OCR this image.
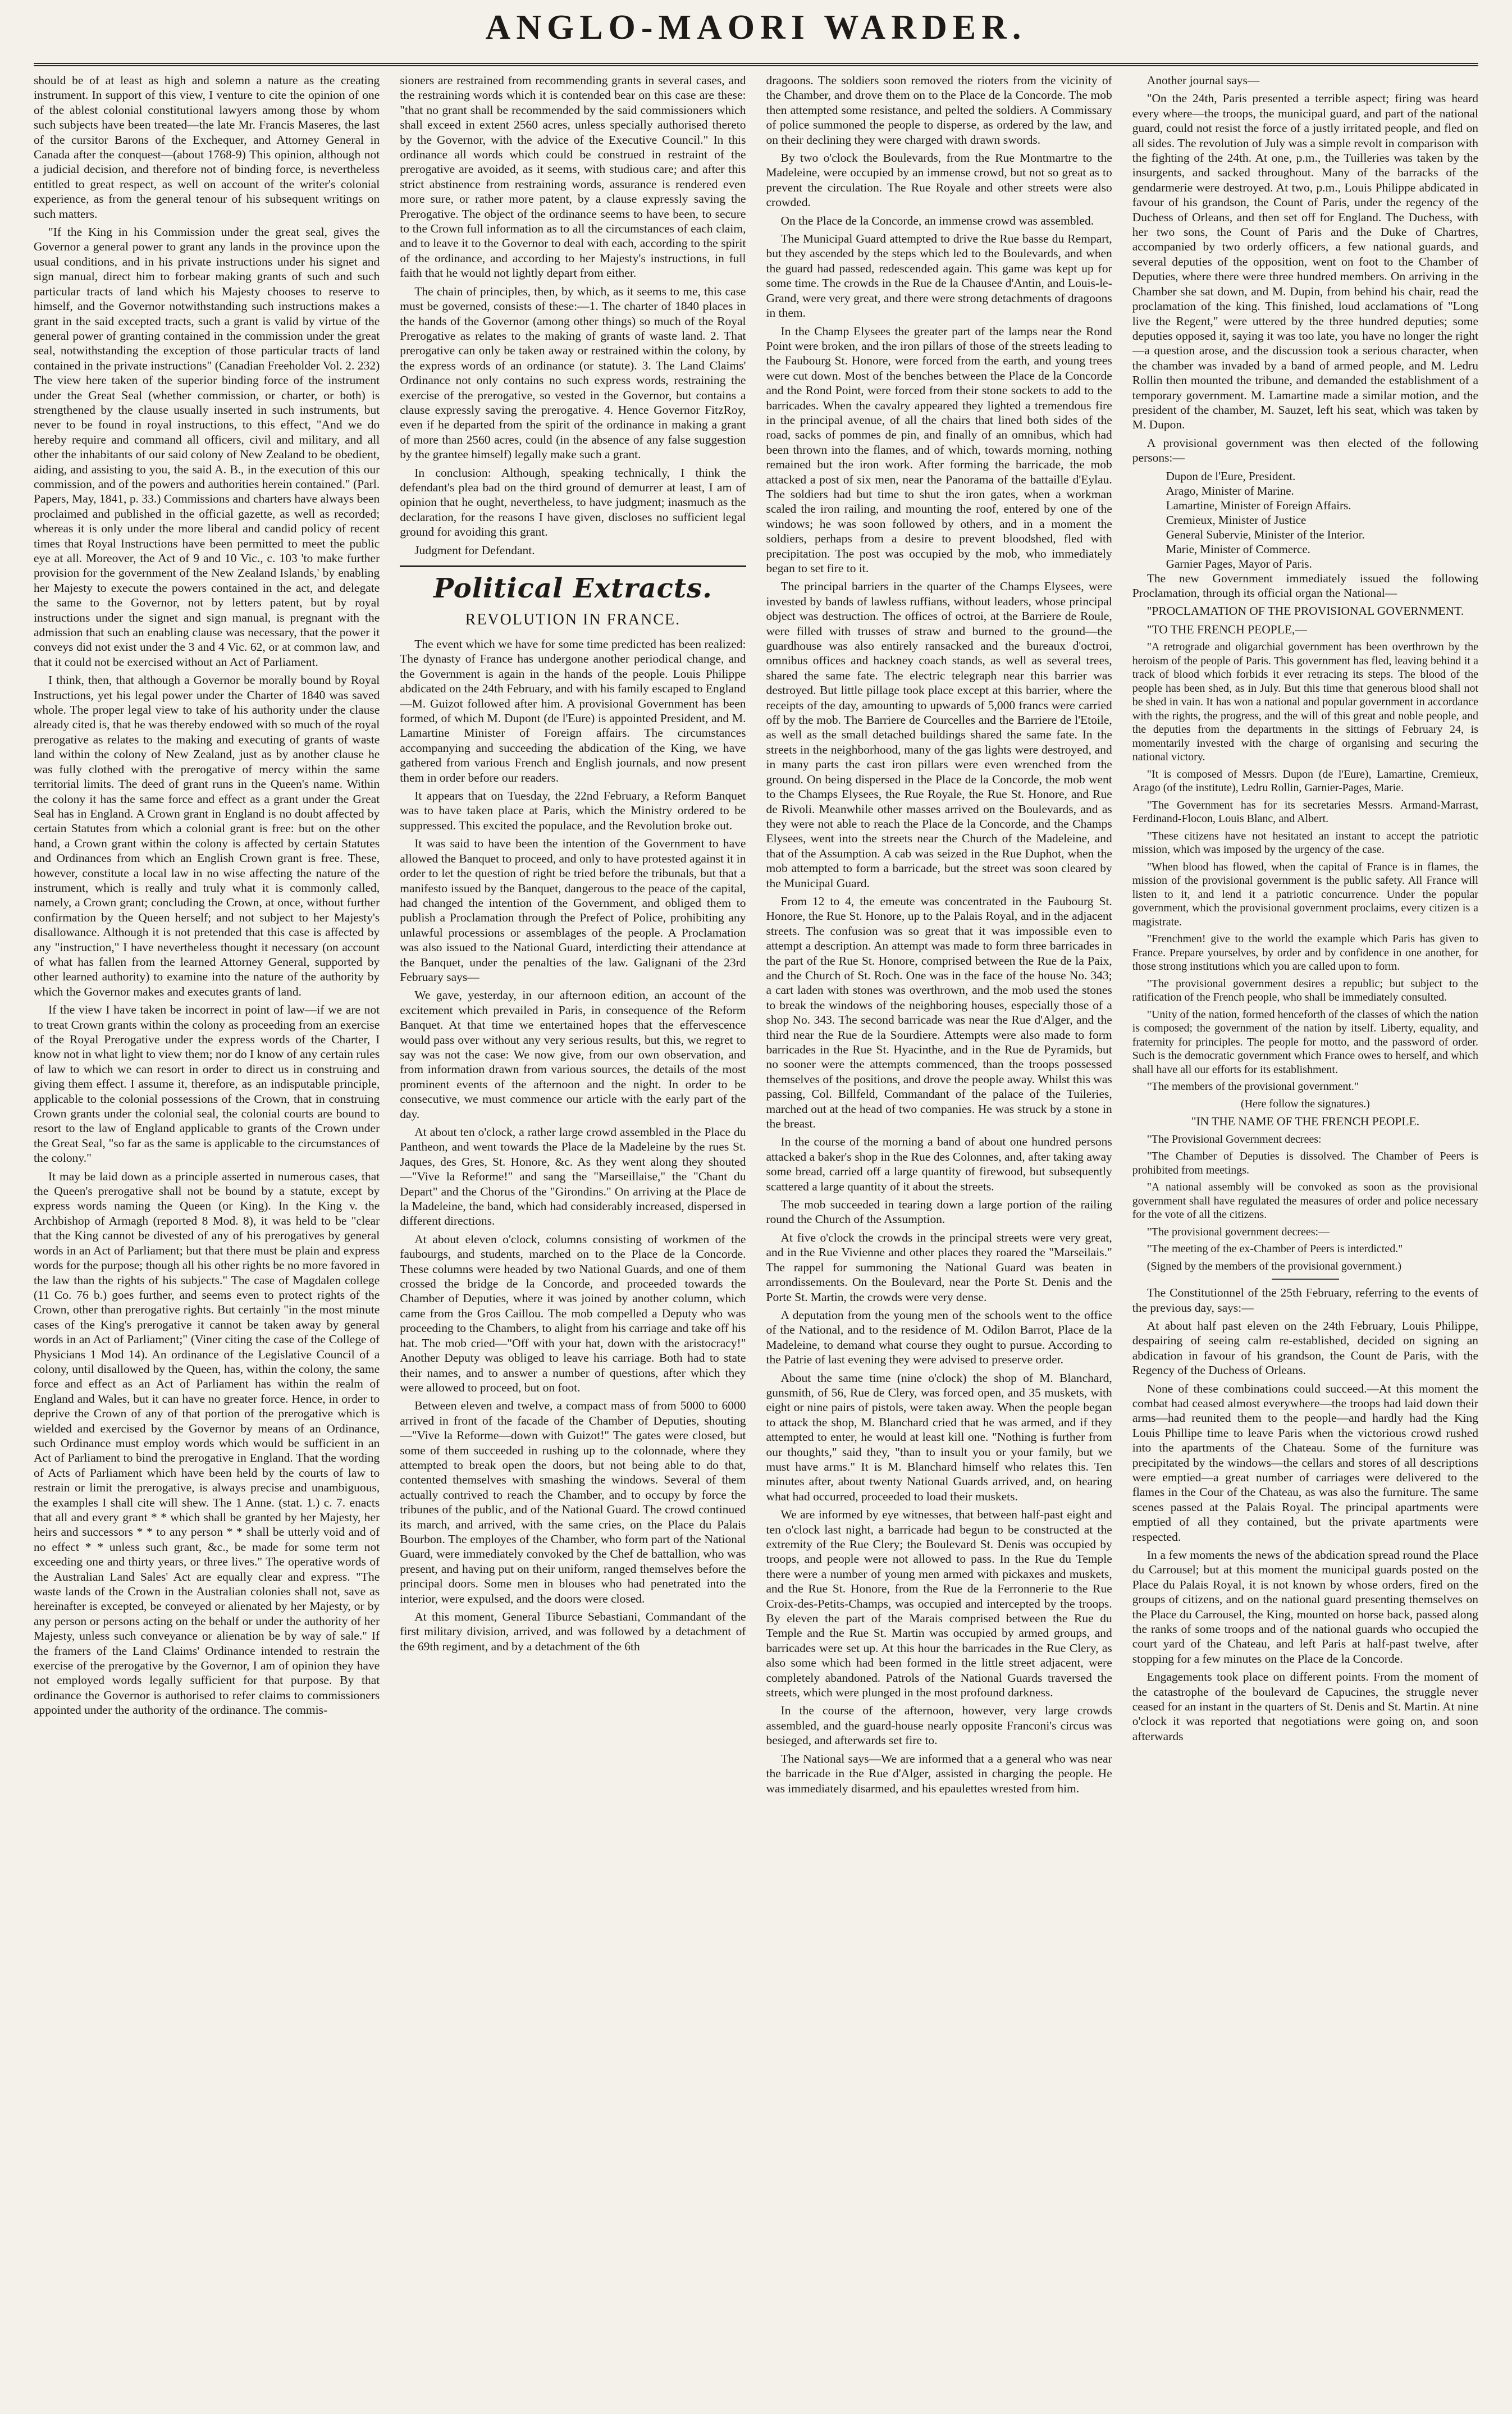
ANGLO-MAORI WARDER.

should be of at least as high and solemn a nature as the creating instrument. In support of this view, I venture to cite the opinion of one of the ablest colonial constitutional lawyers among those by whom such subjects have been treated—the late Mr. Francis Maseres, the last of the cursitor Barons of the Exchequer, and Attorney General in Canada after the conquest—(about 1768-9) This opinion, although not a judicial decision, and therefore not of binding force, is nevertheless entitled to great respect, as well on account of the writer's colonial experience, as from the general tenour of his subsequent writings on such matters.

"If the King in his Commission under the great seal, gives the Governor a general power to grant any lands in the province upon the usual conditions, and in his private instructions under his signet and sign manual, direct him to forbear making grants of such and such particular tracts of land which his Majesty chooses to reserve to himself, and the Governor notwithstanding such instructions makes a grant in the said excepted tracts, such a grant is valid by virtue of the general power of granting contained in the commission under the great seal, notwithstanding the exception of those particular tracts of land contained in the private instructions" (Canadian Freeholder Vol. 2. 232) The view here taken of the superior binding force of the instrument under the Great Seal (whether commission, or charter, or both) is strengthened by the clause usually inserted in such instruments, but never to be found in royal instructions, to this effect, "And we do hereby require and command all officers, civil and military, and all other the inhabitants of our said colony of New Zealand to be obedient, aiding, and assisting to you, the said A. B., in the execution of this our commission, and of the powers and authorities herein contained." (Parl. Papers, May, 1841, p. 33.) Commissions and charters have always been proclaimed and published in the official gazette, as well as recorded; whereas it is only under the more liberal and candid policy of recent times that Royal Instructions have been permitted to meet the public eye at all. Moreover, the Act of 9 and 10 Vic., c. 103 'to make further provision for the government of the New Zealand Islands,' by enabling her Majesty to execute the powers contained in the act, and delegate the same to the Governor, not by letters patent, but by royal instructions under the signet and sign manual, is pregnant with the admission that such an enabling clause was necessary, that the power it conveys did not exist under the 3 and 4 Vic. 62, or at common law, and that it could not be exercised without an Act of Parliament.

I think, then, that although a Governor be morally bound by Royal Instructions, yet his legal power under the Charter of 1840 was saved whole. The proper legal view to take of his authority under the clause already cited is, that he was thereby endowed with so much of the royal prerogative as relates to the making and executing of grants of waste land within the colony of New Zealand, just as by another clause he was fully clothed with the prerogative of mercy within the same territorial limits. The deed of grant runs in the Queen's name. Within the colony it has the same force and effect as a grant under the Great Seal has in England. A Crown grant in England is no doubt affected by certain Statutes from which a colonial grant is free: but on the other hand, a Crown grant within the colony is affected by certain Statutes and Ordinances from which an English Crown grant is free. These, however, constitute a local law in no wise affecting the nature of the instrument, which is really and truly what it is commonly called, namely, a Crown grant; concluding the Crown, at once, without further confirmation by the Queen herself; and not subject to her Majesty's disallowance. Although it is not pretended that this case is affected by any "instruction," I have nevertheless thought it necessary (on account of what has fallen from the learned Attorney General, supported by other learned authority) to examine into the nature of the authority by which the Governor makes and executes grants of land.

If the view I have taken be incorrect in point of law—if we are not to treat Crown grants within the colony as proceeding from an exercise of the Royal Prerogative under the express words of the Charter, I know not in what light to view them; nor do I know of any certain rules of law to which we can resort in order to direct us in construing and giving them effect. I assume it, therefore, as an indisputable principle, applicable to the colonial possessions of the Crown, that in construing Crown grants under the colonial seal, the colonial courts are bound to resort to the law of England applicable to grants of the Crown under the Great Seal, "so far as the same is applicable to the circumstances of the colony."

It may be laid down as a principle asserted in numerous cases, that the Queen's prerogative shall not be bound by a statute, except by express words naming the Queen (or King). In the King v. the Archbishop of Armagh (reported 8 Mod. 8), it was held to be "clear that the King cannot be divested of any of his prerogatives by general words in an Act of Parliament; but that there must be plain and express words for the purpose; though all his other rights be no more favored in the law than the rights of his subjects." The case of Magdalen college (11 Co. 76 b.) goes further, and seems even to protect rights of the Crown, other than prerogative rights. But certainly "in the most minute cases of the King's prerogative it cannot be taken away by general words in an Act of Parliament;" (Viner citing the case of the College of Physicians 1 Mod 14). An ordinance of the Legislative Council of a colony, until disallowed by the Queen, has, within the colony, the same force and effect as an Act of Parliament has within the realm of England and Wales, but it can have no greater force. Hence, in order to deprive the Crown of any of that portion of the prerogative which is wielded and exercised by the Governor by means of an Ordinance, such Ordinance must employ words which would be sufficient in an Act of Parliament to bind the prerogative in England. That the wording of Acts of Parliament which have been held by the courts of law to restrain or limit the prerogative, is always precise and unambiguous, the examples I shall cite will shew. The 1 Anne. (stat. 1.) c. 7. enacts that all and every grant * * which shall be granted by her Majesty, her heirs and successors * * to any person * * shall be utterly void and of no effect * * unless such grant, &c., be made for some term not exceeding one and thirty years, or three lives." The operative words of the Australian Land Sales' Act are equally clear and express. "The waste lands of the Crown in the Australian colonies shall not, save as hereinafter is excepted, be conveyed or alienated by her Majesty, or by any person or persons acting on the behalf or under the authority of her Majesty, unless such conveyance or alienation be by way of sale." If the framers of the Land Claims' Ordinance intended to restrain the exercise of the prerogative by the Governor, I am of opinion they have not employed words legally sufficient for that purpose. By that ordinance the Governor is authorised to refer claims to commissioners appointed under the authority of the ordinance. The commis-

sioners are restrained from recommending grants in several cases, and the restraining words which it is contended bear on this case are these: "that no grant shall be recommended by the said commissioners which shall exceed in extent 2560 acres, unless specially authorised thereto by the Governor, with the advice of the Executive Council." In this ordinance all words which could be construed in restraint of the prerogative are avoided, as it seems, with studious care; and after this strict abstinence from restraining words, assurance is rendered even more sure, or rather more patent, by a clause expressly saving the Prerogative. The object of the ordinance seems to have been, to secure to the Crown full information as to all the circumstances of each claim, and to leave it to the Governor to deal with each, according to the spirit of the ordinance, and according to her Majesty's instructions, in full faith that he would not lightly depart from either.

The chain of principles, then, by which, as it seems to me, this case must be governed, consists of these:—1. The charter of 1840 places in the hands of the Governor (among other things) so much of the Royal Prerogative as relates to the making of grants of waste land. 2. That prerogative can only be taken away or restrained within the colony, by the express words of an ordinance (or statute). 3. The Land Claims' Ordinance not only contains no such express words, restraining the exercise of the prerogative, so vested in the Governor, but contains a clause expressly saving the prerogative. 4. Hence Governor FitzRoy, even if he departed from the spirit of the ordinance in making a grant of more than 2560 acres, could (in the absence of any false suggestion by the grantee himself) legally make such a grant.

In conclusion: Although, speaking technically, I think the defendant's plea bad on the third ground of demurrer at least, I am of opinion that he ought, nevertheless, to have judgment; inasmuch as the declaration, for the reasons I have given, discloses no sufficient legal ground for avoiding this grant.

Judgment for Defendant.

Political Extracts.
REVOLUTION IN FRANCE.

The event which we have for some time predicted has been realized: The dynasty of France has undergone another periodical change, and the Government is again in the hands of the people. Louis Philippe abdicated on the 24th February, and with his family escaped to England—M. Guizot followed after him. A provisional Government has been formed, of which M. Dupont (de l'Eure) is appointed President, and M. Lamartine Minister of Foreign affairs. The circumstances accompanying and succeeding the abdication of the King, we have gathered from various French and English journals, and now present them in order before our readers.

It appears that on Tuesday, the 22nd February, a Reform Banquet was to have taken place at Paris, which the Ministry ordered to be suppressed. This excited the populace, and the Revolution broke out.

It was said to have been the intention of the Government to have allowed the Banquet to proceed, and only to have protested against it in order to let the question of right be tried before the tribunals, but that a manifesto issued by the Banquet, dangerous to the peace of the capital, had changed the intention of the Government, and obliged them to publish a Proclamation through the Prefect of Police, prohibiting any unlawful processions or assemblages of the people. A Proclamation was also issued to the National Guard, interdicting their attendance at the Banquet, under the penalties of the law. Galignani of the 23rd February says—

We gave, yesterday, in our afternoon edition, an account of the excitement which prevailed in Paris, in consequence of the Reform Banquet. At that time we entertained hopes that the effervescence would pass over without any very serious results, but this, we regret to say was not the case: We now give, from our own observation, and from information drawn from various sources, the details of the most prominent events of the afternoon and the night. In order to be consecutive, we must commence our article with the early part of the day.

At about ten o'clock, a rather large crowd assembled in the Place du Pantheon, and went towards the Place de la Madeleine by the rues St. Jaques, des Gres, St. Honore, &c. As they went along they shouted—"Vive la Reforme!" and sang the "Marseillaise," the "Chant du Depart" and the Chorus of the "Girondins." On arriving at the Place de la Madeleine, the band, which had considerably increased, dispersed in different directions.

At about eleven o'clock, columns consisting of workmen of the faubourgs, and students, marched on to the Place de la Concorde. These columns were headed by two National Guards, and one of them crossed the bridge de la Concorde, and proceeded towards the Chamber of Deputies, where it was joined by another column, which came from the Gros Caillou. The mob compelled a Deputy who was proceeding to the Chambers, to alight from his carriage and take off his hat. The mob cried—"Off with your hat, down with the aristocracy!" Another Deputy was obliged to leave his carriage. Both had to state their names, and to answer a number of questions, after which they were allowed to proceed, but on foot.

Between eleven and twelve, a compact mass of from 5000 to 6000 arrived in front of the facade of the Chamber of Deputies, shouting—"Vive la Reforme—down with Guizot!" The gates were closed, but some of them succeeded in rushing up to the colonnade, where they attempted to break open the doors, but not being able to do that, contented themselves with smashing the windows. Several of them actually contrived to reach the Chamber, and to occupy by force the tribunes of the public, and of the National Guard. The crowd continued its march, and arrived, with the same cries, on the Place du Palais Bourbon. The employes of the Chamber, who form part of the National Guard, were immediately convoked by the Chef de battallion, who was present, and having put on their uniform, ranged themselves before the principal doors. Some men in blouses who had penetrated into the interior, were expulsed, and the doors were closed.

At this moment, General Tiburce Sebastiani, Commandant of the first military division, arrived, and was followed by a detachment of the 69th regiment, and by a detachment of the 6th

dragoons. The soldiers soon removed the rioters from the vicinity of the Chamber, and drove them on to the Place de la Concorde. The mob then attempted some resistance, and pelted the soldiers. A Commissary of police summoned the people to disperse, as ordered by the law, and on their declining they were charged with drawn swords.

By two o'clock the Boulevards, from the Rue Montmartre to the Madeleine, were occupied by an immense crowd, but not so great as to prevent the circulation. The Rue Royale and other streets were also crowded.

On the Place de la Concorde, an immense crowd was assembled.

The Municipal Guard attempted to drive the Rue basse du Rempart, but they ascended by the steps which led to the Boulevards, and when the guard had passed, redescended again. This game was kept up for some time. The crowds in the Rue de la Chausee d'Antin, and Louis-le-Grand, were very great, and there were strong detachments of dragoons in them.

In the Champ Elysees the greater part of the lamps near the Rond Point were broken, and the iron pillars of those of the streets leading to the Faubourg St. Honore, were forced from the earth, and young trees were cut down. Most of the benches between the Place de la Concorde and the Rond Point, were forced from their stone sockets to add to the barricades. When the cavalry appeared they lighted a tremendous fire in the principal avenue, of all the chairs that lined both sides of the road, sacks of pommes de pin, and finally of an omnibus, which had been thrown into the flames, and of which, towards morning, nothing remained but the iron work. After forming the barricade, the mob attacked a post of six men, near the Panorama of the battaille d'Eylau. The soldiers had but time to shut the iron gates, when a workman scaled the iron railing, and mounting the roof, entered by one of the windows; he was soon followed by others, and in a moment the soldiers, perhaps from a desire to prevent bloodshed, fled with precipitation. The post was occupied by the mob, who immediately began to set fire to it.

The principal barriers in the quarter of the Champs Elysees, were invested by bands of lawless ruffians, without leaders, whose principal object was destruction. The offices of octroi, at the Barriere de Roule, were filled with trusses of straw and burned to the ground—the guardhouse was also entirely ransacked and the bureaux d'octroi, omnibus offices and hackney coach stands, as well as several trees, shared the same fate. The electric telegraph near this barrier was destroyed. But little pillage took place except at this barrier, where the receipts of the day, amounting to upwards of 5,000 francs were carried off by the mob. The Barriere de Courcelles and the Barriere de l'Etoile, as well as the small detached buildings shared the same fate. In the streets in the neighborhood, many of the gas lights were destroyed, and in many parts the cast iron pillars were even wrenched from the ground. On being dispersed in the Place de la Concorde, the mob went to the Champs Elysees, the Rue Royale, the Rue St. Honore, and Rue de Rivoli. Meanwhile other masses arrived on the Boulevards, and as they were not able to reach the Place de la Concorde, and the Champs Elysees, went into the streets near the Church of the Madeleine, and that of the Assumption. A cab was seized in the Rue Duphot, when the mob attempted to form a barricade, but the street was soon cleared by the Municipal Guard.

From 12 to 4, the emeute was concentrated in the Faubourg St. Honore, the Rue St. Honore, up to the Palais Royal, and in the adjacent streets. The confusion was so great that it was impossible even to attempt a description. An attempt was made to form three barricades in the part of the Rue St. Honore, comprised between the Rue de la Paix, and the Church of St. Roch. One was in the face of the house No. 343; a cart laden with stones was overthrown, and the mob used the stones to break the windows of the neighboring houses, especially those of a shop No. 343. The second barricade was near the Rue d'Alger, and the third near the Rue de la Sourdiere. Attempts were also made to form barricades in the Rue St. Hyacinthe, and in the Rue de Pyramids, but no sooner were the attempts commenced, than the troops possessed themselves of the positions, and drove the people away. Whilst this was passing, Col. Billfeld, Commandant of the palace of the Tuileries, marched out at the head of two companies. He was struck by a stone in the breast.

In the course of the morning a band of about one hundred persons attacked a baker's shop in the Rue des Colonnes, and, after taking away some bread, carried off a large quantity of firewood, but subsequently scattered a large quantity of it about the streets.

The mob succeeded in tearing down a large portion of the railing round the Church of the Assumption.

At five o'clock the crowds in the principal streets were very great, and in the Rue Vivienne and other places they roared the "Marseilais." The rappel for summoning the National Guard was beaten in arrondissements. On the Boulevard, near the Porte St. Denis and the Porte St. Martin, the crowds were very dense.

A deputation from the young men of the schools went to the office of the National, and to the residence of M. Odilon Barrot, Place de la Madeleine, to demand what course they ought to pursue. According to the Patrie of last evening they were advised to preserve order.

About the same time (nine o'clock) the shop of M. Blanchard, gunsmith, of 56, Rue de Clery, was forced open, and 35 muskets, with eight or nine pairs of pistols, were taken away. When the people began to attack the shop, M. Blanchard cried that he was armed, and if they attempted to enter, he would at least kill one. "Nothing is further from our thoughts," said they, "than to insult you or your family, but we must have arms." It is M. Blanchard himself who relates this. Ten minutes after, about twenty National Guards arrived, and, on hearing what had occurred, proceeded to load their muskets.

We are informed by eye witnesses, that between half-past eight and ten o'clock last night, a barricade had begun to be constructed at the extremity of the Rue Clery; the Boulevard St. Denis was occupied by troops, and people were not allowed to pass. In the Rue du Temple there were a number of young men armed with pickaxes and muskets, and the Rue St. Honore, from the Rue de la Ferronnerie to the Rue Croix-des-Petits-Champs, was occupied and intercepted by the troops. By eleven the part of the Marais comprised between the Rue du Temple and the Rue St. Martin was occupied by armed groups, and barricades were set up. At this hour the barricades in the Rue Clery, as also some which had been formed in the little street adjacent, were completely abandoned. Patrols of the National Guards traversed the streets, which were plunged in the most profound darkness.

In the course of the afternoon, however, very large crowds assembled, and the guard-house nearly opposite Franconi's circus was besieged, and afterwards set fire to.

The National says—We are informed that a a general who was near the barricade in the Rue d'Alger, assisted in charging the people. He was immediately disarmed, and his epaulettes wrested from him.

Another journal says—

"On the 24th, Paris presented a terrible aspect; firing was heard every where—the troops, the municipal guard, and part of the national guard, could not resist the force of a justly irritated people, and fled on all sides. The revolution of July was a simple revolt in comparison with the fighting of the 24th. At one, p.m., the Tuilleries was taken by the insurgents, and sacked throughout. Many of the barracks of the gendarmerie were destroyed. At two, p.m., Louis Philippe abdicated in favour of his grandson, the Count of Paris, under the regency of the Duchess of Orleans, and then set off for England. The Duchess, with her two sons, the Count of Paris and the Duke of Chartres, accompanied by two orderly officers, a few national guards, and several deputies of the opposition, went on foot to the Chamber of Deputies, where there were three hundred members. On arriving in the Chamber she sat down, and M. Dupin, from behind his chair, read the proclamation of the king. This finished, loud acclamations of "Long live the Regent," were uttered by the three hundred deputies; some deputies opposed it, saying it was too late, you have no longer the right—a question arose, and the discussion took a serious character, when the chamber was invaded by a band of armed people, and M. Ledru Rollin then mounted the tribune, and demanded the establishment of a temporary government. M. Lamartine made a similar motion, and the president of the chamber, M. Sauzet, left his seat, which was taken by M. Dupon.

A provisional government was then elected of the following persons:—

Dupon de l'Eure, President.
Arago, Minister of Marine.
Lamartine, Minister of Foreign Affairs.
Cremieux, Minister of Justice
General Subervie, Minister of the Interior.
Marie, Minister of Commerce.
Garnier Pages, Mayor of Paris.

The new Government immediately issued the following Proclamation, through its official organ the National—

"PROCLAMATION OF THE PROVISIONAL GOVERNMENT.

"TO THE FRENCH PEOPLE,—

"A retrograde and oligarchial government has been overthrown by the heroism of the people of Paris. This government has fled, leaving behind it a track of blood which forbids it ever retracing its steps. The blood of the people has been shed, as in July. But this time that generous blood shall not be shed in vain. It has won a national and popular government in accordance with the rights, the progress, and the will of this great and noble people, and the deputies from the departments in the sittings of February 24, is momentarily invested with the charge of organising and securing the national victory.

"It is composed of Messrs. Dupon (de l'Eure), Lamartine, Cremieux, Arago (of the institute), Ledru Rollin, Garnier-Pages, Marie.

"The Government has for its secretaries Messrs. Armand-Marrast, Ferdinand-Flocon, Louis Blanc, and Albert.

"These citizens have not hesitated an instant to accept the patriotic mission, which was imposed by the urgency of the case.

"When blood has flowed, when the capital of France is in flames, the mission of the provisional government is the public safety. All France will listen to it, and lend it a patriotic concurrence. Under the popular government, which the provisional government proclaims, every citizen is a magistrate.

"Frenchmen! give to the world the example which Paris has given to France. Prepare yourselves, by order and by confidence in one another, for those strong institutions which you are called upon to form.

"The provisional government desires a republic; but subject to the ratification of the French people, who shall be immediately consulted.

"Unity of the nation, formed henceforth of the classes of which the nation is composed; the government of the nation by itself. Liberty, equality, and fraternity for principles. The people for motto, and the password of order. Such is the democratic government which France owes to herself, and which shall have all our efforts for its establishment.

"The members of the provisional government."

(Here follow the signatures.)

"IN THE NAME OF THE FRENCH PEOPLE.

"The Provisional Government decrees:

"The Chamber of Deputies is dissolved. The Chamber of Peers is prohibited from meetings.

"A national assembly will be convoked as soon as the provisional government shall have regulated the measures of order and police necessary for the vote of all the citizens.

"The provisional government decrees:—

"The meeting of the ex-Chamber of Peers is interdicted."

(Signed by the members of the provisional government.)

The Constitutionnel of the 25th February, referring to the events of the previous day, says:—

At about half past eleven on the 24th February, Louis Philippe, despairing of seeing calm re-established, decided on signing an abdication in favour of his grandson, the Count de Paris, with the Regency of the Duchess of Orleans.

None of these combinations could succeed.—At this moment the combat had ceased almost everywhere—the troops had laid down their arms—had reunited them to the people—and hardly had the King Louis Phillipe time to leave Paris when the victorious crowd rushed into the apartments of the Chateau. Some of the furniture was precipitated by the windows—the cellars and stores of all descriptions were emptied—a great number of carriages were delivered to the flames in the Cour of the Chateau, as was also the furniture. The same scenes passed at the Palais Royal. The principal apartments were emptied of all they contained, but the private apartments were respected.

In a few moments the news of the abdication spread round the Place du Carrousel; but at this moment the municipal guards posted on the Place du Palais Royal, it is not known by whose orders, fired on the groups of citizens, and on the national guard presenting themselves on the Place du Carrousel, the King, mounted on horse back, passed along the ranks of some troops and of the national guards who occupied the court yard of the Chateau, and left Paris at half-past twelve, after stopping for a few minutes on the Place de la Concorde.

Engagements took place on different points. From the moment of the catastrophe of the boulevard de Capucines, the struggle never ceased for an instant in the quarters of St. Denis and St. Martin. At nine o'clock it was reported that negotiations were going on, and soon afterwards
